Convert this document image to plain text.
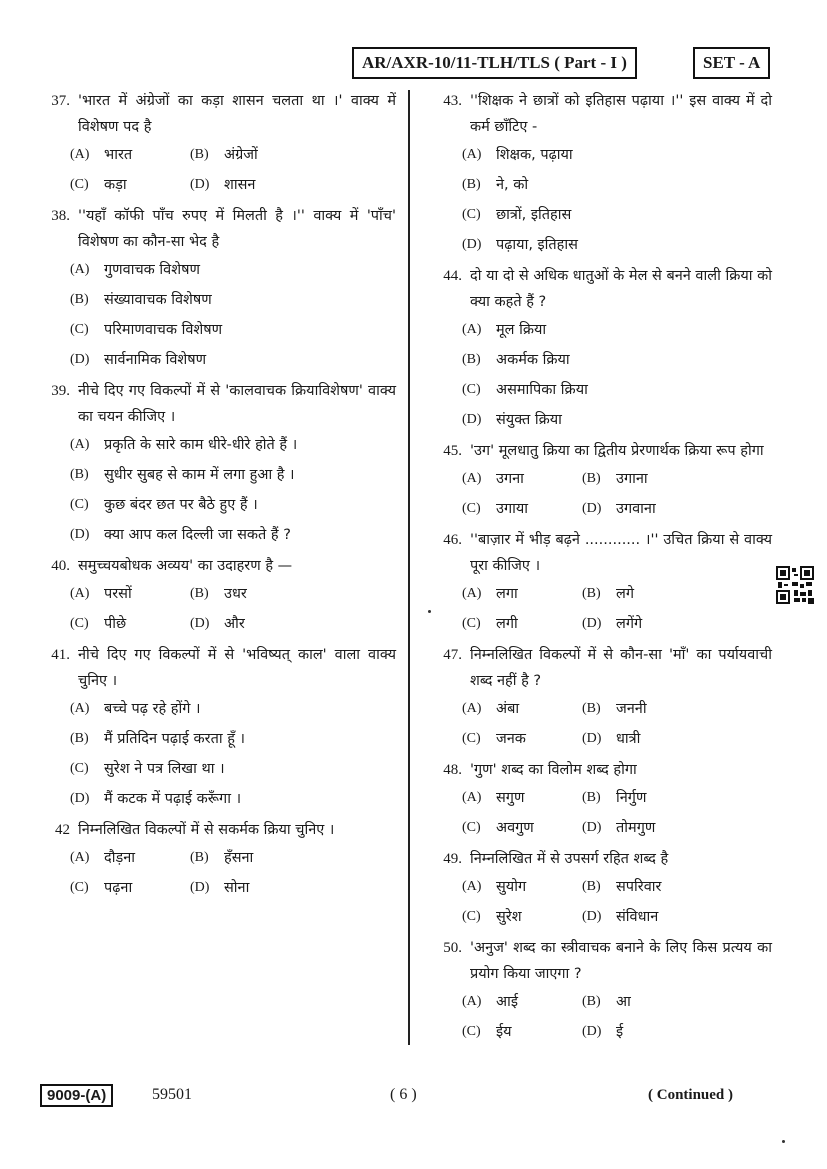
AR/AXR-10/11-TLH/TLS ( Part - I )	SET - A
37. 'भारत में अंग्रेजों का कड़ा शासन चलता था ।' वाक्य में विशेषण पद है
(A)	भारत	(B)	अंग्रेजों
(C)	कड़ा	(D)	शासन
38. ''यहाँ कॉफी पाँच रुपए में मिलती है ।'' वाक्य में 'पाँच' विशेषण का कौन-सा भेद है
(A)	गुणवाचक विशेषण
(B)	संख्यावाचक विशेषण
(C)	परिमाणवाचक विशेषण
(D)	सार्वनामिक विशेषण
39. नीचे दिए गए विकल्पों में से 'कालवाचक क्रियाविशेषण' वाक्य का चयन कीजिए ।
(A)	प्रकृति के सारे काम धीरे-धीरे होते हैं ।
(B)	सुधीर सुबह से काम में लगा हुआ है ।
(C)	कुछ बंदर छत पर बैठे हुए हैं ।
(D)	क्या आप कल दिल्ली जा सकते हैं ?
40. समुच्चयबोधक अव्यय' का उदाहरण है —
(A)	परसों	(B)	उधर
(C)	पीछे	(D)	और
41. नीचे दिए गए विकल्पों में से 'भविष्यत् काल' वाला वाक्य चुनिए ।
(A)	बच्चे पढ़ रहे होंगे ।
(B)	मैं प्रतिदिन पढ़ाई करता हूँ ।
(C)	सुरेश ने पत्र लिखा था ।
(D)	मैं कटक में पढ़ाई करूँगा ।
42 निम्नलिखित विकल्पों में से सकर्मक क्रिया चुनिए ।
(A)	दौड़ना	(B)	हँसना
(C)	पढ़ना	(D)	सोना
43. ''शिक्षक ने छात्रों को इतिहास पढ़ाया ।'' इस वाक्य में दो कर्म छाँटिए -
(A)	शिक्षक, पढ़ाया
(B)	ने, को
(C)	छात्रों, इतिहास
(D)	पढ़ाया, इतिहास
44. दो या दो से अधिक धातुओं के मेल से बनने वाली क्रिया को क्या कहते हैं ?
(A)	मूल क्रिया
(B)	अकर्मक क्रिया
(C)	असमापिका क्रिया
(D)	संयुक्त क्रिया
45. 'उग' मूलधातु क्रिया का द्वितीय प्रेरणार्थक क्रिया रूप होगा
(A)	उगना	(B)	उगाना
(C)	उगाया	(D)	उगवाना
46. ''बाज़ार में भीड़ बढ़ने ............ ।'' उचित क्रिया से वाक्य पूरा कीजिए ।
(A)	लगा	(B)	लगे
(C)	लगी	(D)	लगेंगे
47. निम्नलिखित विकल्पों में से कौन-सा 'माँ' का पर्यायवाची शब्द नहीं है ?
(A)	अंबा	(B)	जननी
(C)	जनक	(D)	धात्री
48. 'गुण' शब्द का विलोम शब्द होगा
(A)	सगुण	(B)	निर्गुण
(C)	अवगुण	(D)	तोमगुण
49. निम्नलिखित में से उपसर्ग रहित शब्द है
(A)	सुयोग	(B)	सपरिवार
(C)	सुरेश	(D)	संविधान
50. 'अनुज' शब्द का स्त्रीवाचक बनाने के लिए किस प्रत्यय का प्रयोग किया जाएगा ?
(A)	आई	(B)	आ
(C)	ईय	(D)	ई
9009-(A)	59501	( 6 )	( Continued )
